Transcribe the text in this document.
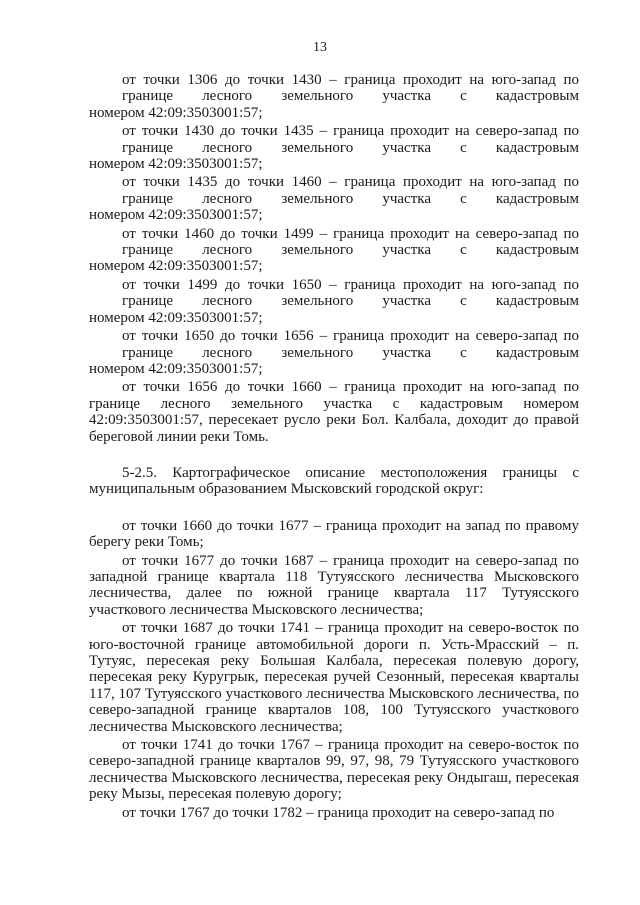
13

от точки 1306 до точки 1430 – граница проходит на юго-запад по
границе лесного земельного участка с кадастровым
номером 42:09:3503001:57;

от точки 1430 до точки 1435 – граница проходит на северо-запад по
границе лесного земельного участка с кадастровым
номером 42:09:3503001:57;

от точки 1435 до точки 1460 – граница проходит на юго-запад по
границе лесного земельного участка с кадастровым
номером 42:09:3503001:57;

от точки 1460 до точки 1499 – граница проходит на северо-запад по
границе лесного земельного участка с кадастровым
номером 42:09:3503001:57;

от точки 1499 до точки 1650 – граница проходит на юго-запад по
границе лесного земельного участка с кадастровым
номером 42:09:3503001:57;

от точки 1650 до точки 1656 – граница проходит на северо-запад по
границе лесного земельного участка с кадастровым
номером 42:09:3503001:57;

от точки 1656 до точки 1660 – граница проходит на юго-запад по границе лесного земельного участка с кадастровым номером 42:09:3503001:57, пересекает русло реки Бол. Калбала, доходит до правой береговой линии реки Томь.

5-2.5. Картографическое описание местоположения границы с муниципальным образованием Мысковский городской округ:

от точки 1660 до точки 1677 – граница проходит на запад по правому берегу реки Томь;

от точки 1677 до точки 1687 – граница проходит на северо-запад по западной границе квартала 118 Тутуясского лесничества Мысковского лесничества, далее по южной границе квартала 117 Тутуясского участкового лесничества Мысковского лесничества;

от точки 1687 до точки 1741 – граница проходит на северо-восток по юго-восточной границе автомобильной дороги п. Усть-Мрасский – п. Тутуяс, пересекая реку Большая Калбала, пересекая полевую дорогу, пересекая реку Куругрык, пересекая ручей Сезонный, пересекая кварталы 117, 107 Тутуясского участкового лесничества Мысковского лесничества, по северо-западной границе кварталов 108, 100 Тутуясского участкового лесничества Мысковского лесничества;

от точки 1741 до точки 1767 – граница проходит на северо-восток по северо-западной границе кварталов 99, 97, 98, 79 Тутуясского участкового лесничества Мысковского лесничества, пересекая реку Ондыгаш, пересекая реку Мызы, пересекая полевую дорогу;

от точки 1767 до точки 1782 – граница проходит на северо-запад по
